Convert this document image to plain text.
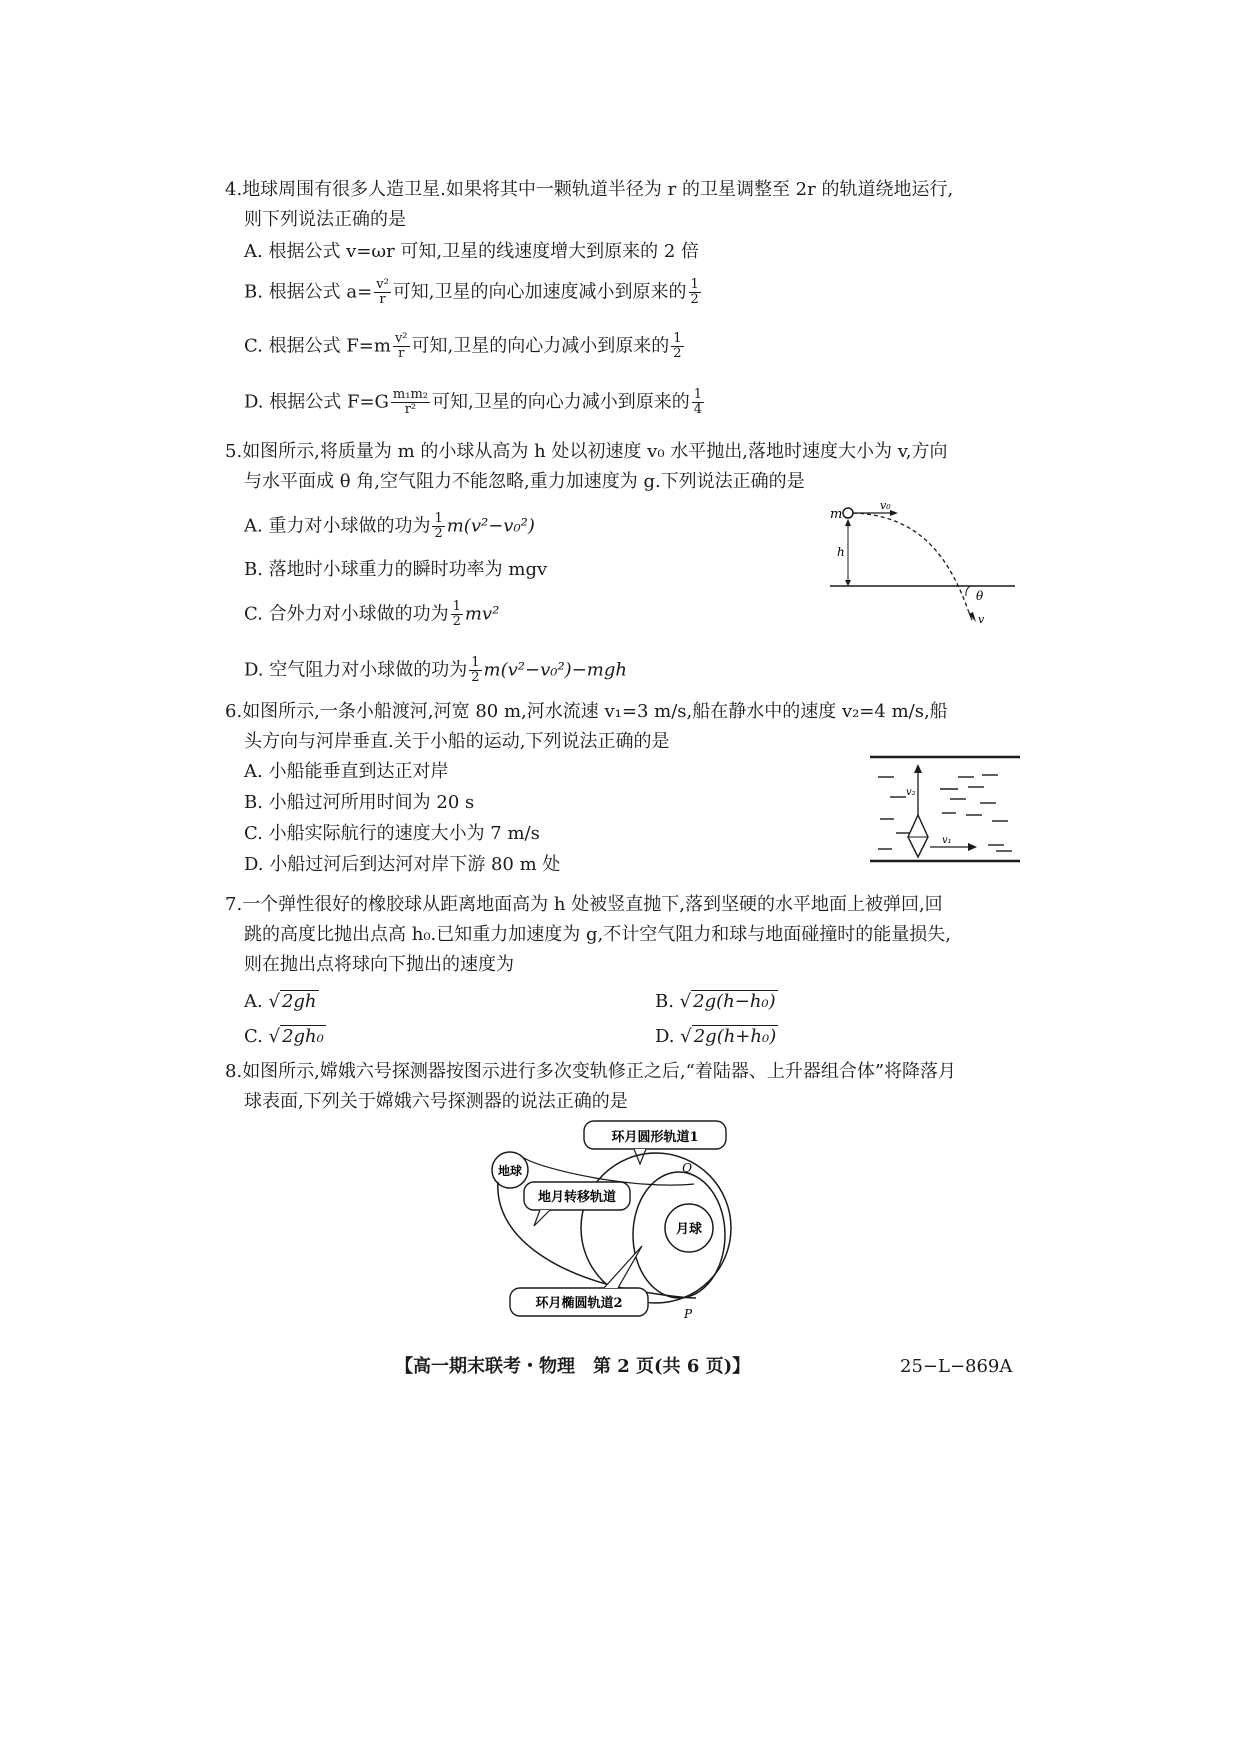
4.地球周围有很多人造卫星.如果将其中一颗轨道半径为 r 的卫星调整至 2r 的轨道绕地运行,
则下列说法正确的是
A. 根据公式 v=ωr 可知,卫星的线速度增大到原来的 2 倍
B. 根据公式 $a= \frac{\text{v²}}{r}$ 可知,卫星的向心加速度减小到原来的 $\frac{1}{2}$
C. 根据公式 $F=m \frac{\text{v²}}{r}$ 可知,卫星的向心力减小到原来的 $\frac{1}{2}$
D. 根据公式 $F=G \frac{\text{m₁m₂}}{\text{r²}}$ 可知,卫星的向心力减小到原来的 $\frac{1}{4}$
5.如图所示,将质量为 m 的小球从高为 h 处以初速度 v₀ 水平抛出,落地时速度大小为 v,方向
与水平面成 θ 角,空气阻力不能忽略,重力加速度为 g.下列说法正确的是
A. 重力对小球做的功为 $\frac{1}{2} m(v^2-v_0^2)$
B. 落地时小球重力的瞬时功率为 mgv
C. 合外力对小球做的功为 $\frac{1}{2} mv^2$
D. 空气阻力对小球做的功为 $\frac{1}{2} m(v^2-v_0^2)-mgh$
m
v₀
h
θ
v
6.如图所示,一条小船渡河,河宽 80 m,河水流速 v₁=3 m/s,船在静水中的速度 v₂=4 m/s,船
头方向与河岸垂直.关于小船的运动,下列说法正确的是
A. 小船能垂直到达正对岸
B. 小船过河所用时间为 20 s
C. 小船实际航行的速度大小为 7 m/s
D. 小船过河后到达河对岸下游 80 m 处
v₂
v₁
7.一个弹性很好的橡胶球从距离地面高为 h 处被竖直抛下,落到坚硬的水平地面上被弹回,回
跳的高度比抛出点高 h₀.已知重力加速度为 g,不计空气阻力和球与地面碰撞时的能量损失,
则在抛出点将球向下抛出的速度为
A. √ 2gh	B. √ 2g(h−h₀)
C. √ 2gh₀	D. √ 2g(h+h₀)
8.如图所示,嫦娥六号探测器按图示进行多次变轨修正之后,“着陆器、上升器组合体”将降落月
球表面,下列关于嫦娥六号探测器的说法正确的是
环月圆形轨道1
月球
地球
地月转移轨道
Q
P
环月椭圆轨道2
【高一期末联考・物理　第 2 页(共 6 页)】	25−L−869A
